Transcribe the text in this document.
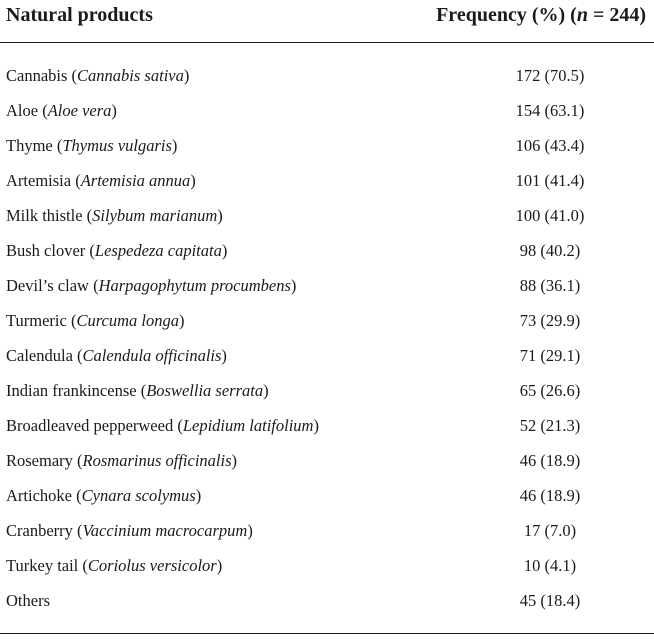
Natural products	Frequency (%) (n = 244)
Cannabis (Cannabis sativa)	172 (70.5)
Aloe (Aloe vera)	154 (63.1)
Thyme (Thymus vulgaris)	106 (43.4)
Artemisia (Artemisia annua)	101 (41.4)
Milk thistle (Silybum marianum)	100 (41.0)
Bush clover (Lespedeza capitata)	98 (40.2)
Devil’s claw (Harpagophytum procumbens)	88 (36.1)
Turmeric (Curcuma longa)	73 (29.9)
Calendula (Calendula officinalis)	71 (29.1)
Indian frankincense (Boswellia serrata)	65 (26.6)
Broadleaved pepperweed (Lepidium latifolium)	52 (21.3)
Rosemary (Rosmarinus officinalis)	46 (18.9)
Artichoke (Cynara scolymus)	46 (18.9)
Cranberry (Vaccinium macrocarpum)	17 (7.0)
Turkey tail (Coriolus versicolor)	10 (4.1)
Others	45 (18.4)
